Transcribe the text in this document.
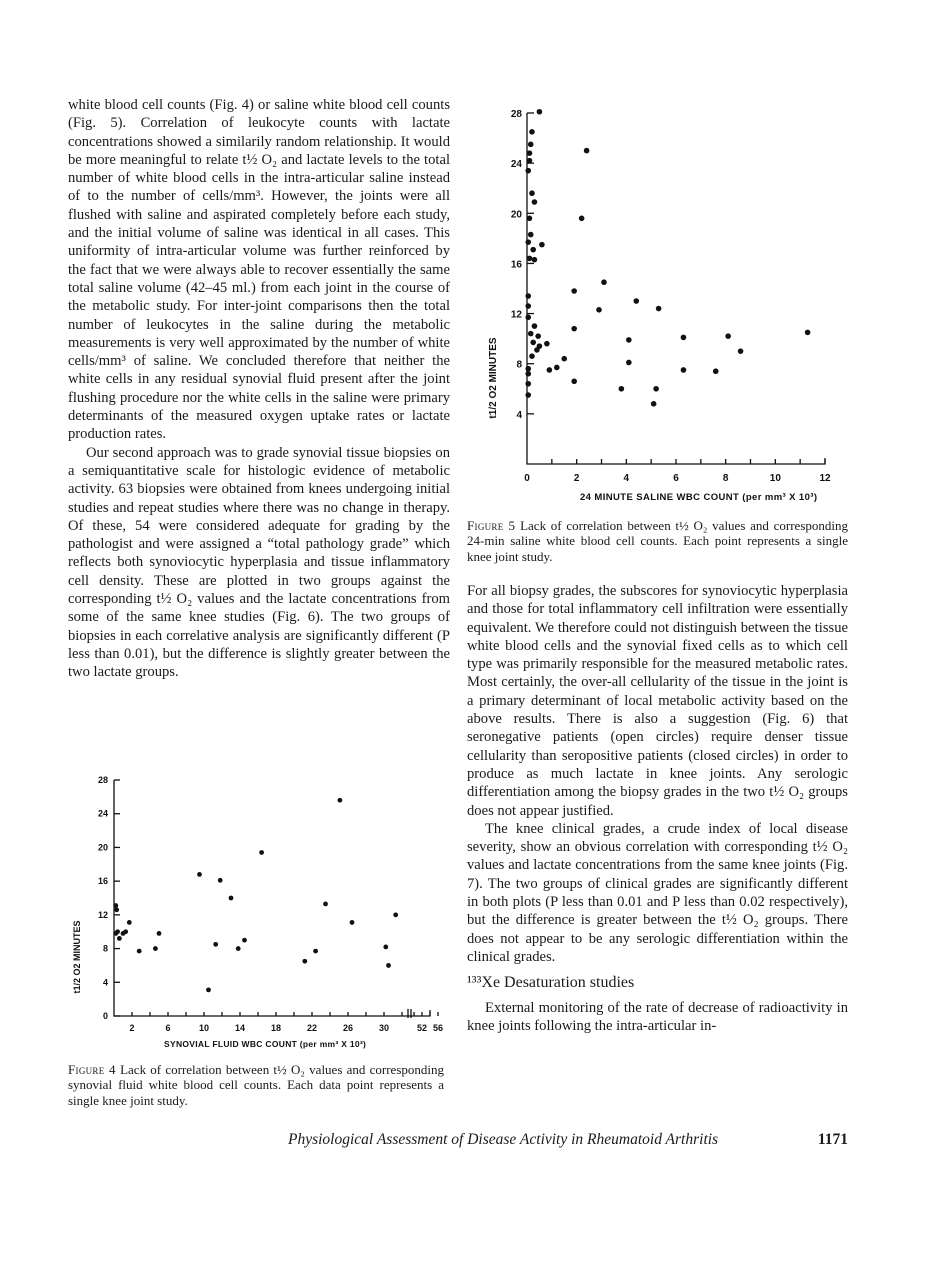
white blood cell counts (Fig. 4) or saline white blood cell counts (Fig. 5). Correlation of leukocyte counts with lactate concentrations showed a similarily random relationship. It would be more meaningful to relate t½ O₂ and lactate levels to the total number of white blood cells in the intra-articular saline instead of to the number of cells/mm³. However, the joints were all flushed with saline and aspirated completely before each study, and the initial volume of saline was identical in all cases. This uniformity of intra-articular volume was further reinforced by the fact that we were always able to recover essentially the same total saline volume (42–45 ml.) from each joint in the course of the metabolic study. For inter-joint comparisons then the total number of leukocytes in the saline during the metabolic measurements is very well approximated by the number of white cells/mm³ of saline. We concluded therefore that neither the white cells in any residual synovial fluid present after the joint flushing procedure nor the white cells in the saline were primary determinants of the measured oxygen uptake rates or lactate production rates.

Our second approach was to grade synovial tissue biopsies on a semiquantitative scale for histologic evidence of metabolic activity. 63 biopsies were obtained from knees undergoing initial studies and repeat studies where there was no change in therapy. Of these, 54 were considered adequate for grading by the pathologist and were assigned a “total pathology grade” which reflects both synoviocytic hyperplasia and tissue inflammatory cell density. These are plotted in two groups against the corresponding t½ O₂ values and the lactate concentrations from some of the same knee studies (Fig. 6). The two groups of biopsies in each correlative analysis are significantly different (P less than 0.01), but the difference is slightly greater between the two lactate groups.

0	2	4	6	8	10	12
4
8
12
16
20
24
28
t1/2 O2 MINUTES
24 MINUTE SALINE WBC COUNT (per mm³ X 10³)
Figure 5 Lack of correlation between t½ O₂ values and corresponding 24-min saline white blood cell counts. Each point represents a single knee joint study.

For all biopsy grades, the subscores for synoviocytic hyperplasia and those for total inflammatory cell infiltration were essentially equivalent. We therefore could not distinguish between the tissue white blood cells and the synovial fixed cells as to which cell type was primarily responsible for the measured metabolic rates. Most certainly, the over-all cellularity of the tissue in the joint is a primary determinant of local metabolic activity based on the above results. There is also a suggestion (Fig. 6) that seronegative patients (open circles) require denser tissue cellularity than seropositive patients (closed circles) in order to produce as much lactate in knee joints. Any serologic differentiation among the biopsy grades in the two t½ O₂ groups does not appear justified.

The knee clinical grades, a crude index of local disease severity, show an obvious correlation with corresponding t½ O₂ values and lactate concentrations from the same knee joints (Fig. 7). The two groups of clinical grades are significantly different in both plots (P less than 0.01 and P less than 0.02 respectively), but the difference is greater between the t½ O₂ groups. There does not appear to be any serologic differentiation within the clinical grades.

¹³³Xe Desaturation studies

External monitoring of the rate of decrease of radioactivity in knee joints following the intra-articular in-

2	6	10	14	18	22	26	30	52 56
0
4
8
12
16
20
24
28
t1/2 O2 MINUTES
SYNOVIAL FLUID WBC COUNT (per mm³ X 10³)
Figure 4 Lack of correlation between t½ O₂ values and corresponding synovial fluid white blood cell counts. Each data point represents a single knee joint study.
Physiological Assessment of Disease Activity in Rheumatoid Arthritis	1171
